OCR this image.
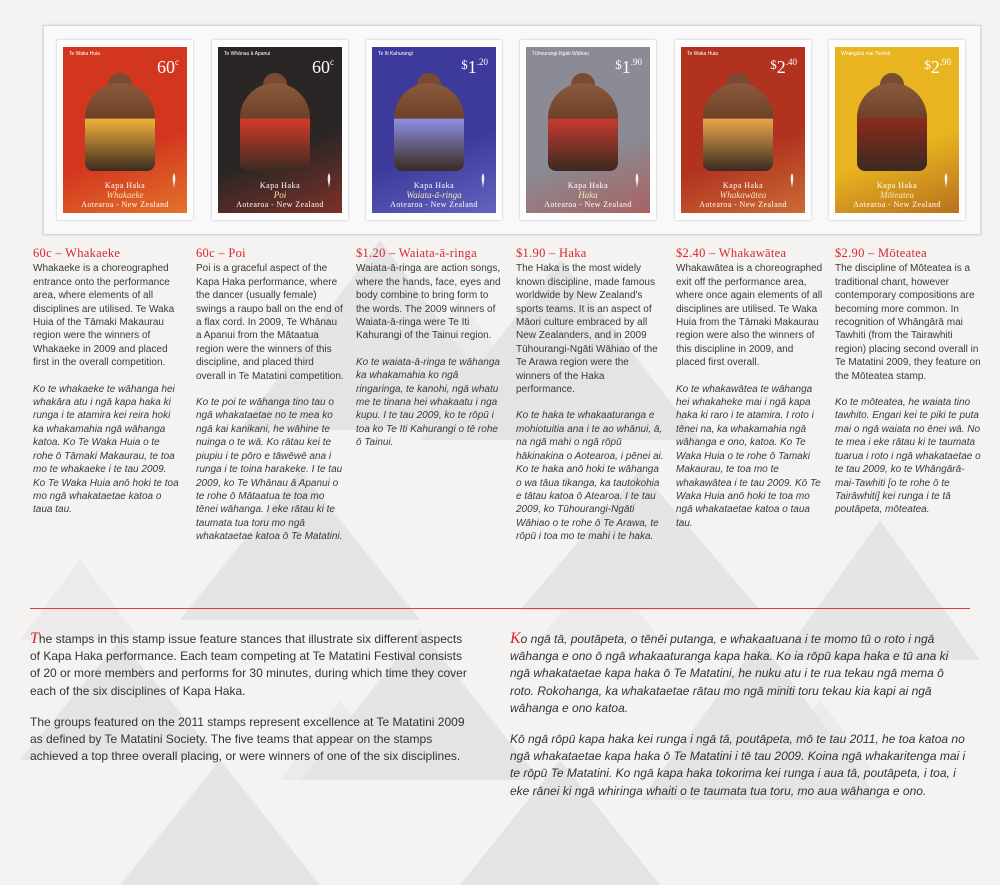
Te Waka Huia
60$^c$
Kapa Haka
Whakaeke
Aotearoa - New Zealand
Te Whānau ā Apanui
60$^c$
Kapa Haka
Poi
Aotearoa - New Zealand
Te Iti Kahurangi
$^{\$}1^{.20}$
Kapa Haka
Waiata-ā-ringa
Aotearoa - New Zealand
Tūhourangi-Ngāti Wāhiao
$^{\$}1^{.90}$
Kapa Haka
Haka
Aotearoa - New Zealand
Te Waka Huia
$^{\$}2^{.40}$
Kapa Haka
Whakawātea
Aotearoa - New Zealand
Whāngārā mai Tawhiti
$^{\$}2^{.90}$
Kapa Haka
Mōteatea
Aotearoa - New Zealand
60c – Whakaeke

Whakaeke is a choreographed entrance onto the performance area, where elements of all disciplines are utilised. Te Waka Huia of the Tāmaki Makaurau region were the winners of Whakaeke in 2009 and placed first in the overall competition.

Ko te whakaeke te wāhanga hei whakāra atu i ngā kapa haka ki runga i te atamira kei reira hoki ka whakamahia ngā wāhanga katoa. Ko Te Waka Huia o te rohe ō Tāmaki Makaurau, te toa mo te whakaeke i te tau 2009. Ko Te Waka Huia anō hoki te toa mo ngā whakataetae katoa o taua tau.

60c – Poi

Poi is a graceful aspect of the Kapa Haka performance, where the dancer (usually female) swings a raupo ball on the end of a flax cord. In 2009, Te Whānau a Apanui from the Mātaatua region were the winners of this discipline, and placed third overall in Te Matatini competition.

Ko te poi te wāhanga tino tau o ngā whakataetae no te mea ko ngā kai kanikani, he wāhine te nuinga o te wā. Ko rātau kei te piupiu i te pōro e tāwēwē ana i runga i te toina harakeke. I te tau 2009, ko Te Whānau ā Apanui o te rohe ō Mātaatua te toa mo tēnei wāhanga. I eke rātau ki te taumata tua toru mo ngā whakataetae katoa ō Te Matatini.

$1.20 – Waiata-ā-ringa

Waiata-ā-ringa are action songs, where the hands, face, eyes and body combine to bring form to the words. The 2009 winners of Waiata-ā-ringa were Te Iti Kahurangi of the Tainui region.

Ko te waiata-ā-ringa te wāhanga ka whakamahia ko ngā ringaringa, te kanohi, ngā whatu me te tinana hei whakaatu i nga kupu. I te tau 2009, ko te rōpū i toa ko Te Iti Kahurangi o tē rohe ō Tainui.

$1.90 – Haka

The Haka is the most widely known discipline, made famous worldwide by New Zealand's sports teams. It is an aspect of Māori culture embraced by all New Zealanders, and in 2009 Tūhourangi-Ngāti Wāhiao of the Te Arawa region were the winners of the Haka performance.

Ko te haka te whakaaturanga e mohiotuitia ana i te ao whānui, ā, na ngā mahi o ngā rōpū hākinakina o Aotearoa, i pēnei ai. Ko te haka anō hoki te wāhanga o wa tāua tikanga, ka tautokohia e tātau katoa ō Atearoa. I te tau 2009, ko Tūhourangi-Ngāti Wāhiao o te rohe ō Te Arawa, te rōpū i toa mo te mahi i te haka.

$2.40 – Whakawātea

Whakawātea is a choreographed exit off the performance area, where once again elements of all disciplines are utilised. Te Waka Huia from the Tāmaki Makaurau region were also the winners of this discipline in 2009, and placed first overall.

Ko te whakawātea te wāhanga hei whakaheke mai i ngā kapa haka ki raro i te atamira. I roto i tēnei na, ka whakamahia ngā wāhanga e ono, katoa. Ko Te Waka Huia o te rohe ō Tamaki Makaurau, te toa mo te whakawātea i te tau 2009. Kō Te Waka Huia anō hoki te toa mo ngā whakataetae katoa o taua tau.

$2.90 – Mōteatea

The discipline of Mōteatea is a traditional chant, however contemporary compositions are becoming more common. In recognition of Whāngārā mai Tawhiti (from the Tairawhiti region) placing second overall in Te Matatini 2009, they feature on the Mōteatea stamp.

Ko te mōteatea, he waiata tino tawhito. Engari kei te piki te puta mai o ngā waiata no ēnei wā. No te mea i eke rātau ki te taumata tuarua i roto i ngā whakataetae o te tau 2009, ko te Whāngārā-mai-Tawhiti [o te rohe ō te Tairāwhiti] kei runga i te tā poutāpeta, mōteatea.

The stamps in this stamp issue feature stances that illustrate six different aspects of Kapa Haka performance. Each team competing at Te Matatini Festival consists of 20 or more members and performs for 30 minutes, during which time they cover each of the six disciplines of Kapa Haka.

The groups featured on the 2011 stamps represent excellence at Te Matatini 2009 as defined by Te Matatini Society. The five teams that appear on the stamps achieved a top three overall placing, or were winners of one of the six disciplines.

Ko ngā tā, poutāpeta, o tēnēi putanga, e whakaatuana i te momo tū o roto i ngā wāhanga e ono ō ngā whakaaturanga kapa haka. Ko ia rōpū kapa haka e tū ana ki ngā whakataetae kapa haka ō Te Matatini, he nuku atu i te rua tekau ngā mema ō roto. Rokohanga, ka whakataetae rātau mo ngā miniti toru tekau kia kapi ai ngā wāhanga e ono katoa.

Kō ngā rōpū kapa haka kei runga i ngā tā, poutāpeta, mō te tau 2011, he toa katoa no ngā whakataetae kapa haka ō Te Matatini i tē tau 2009. Koina ngā whakaritenga mai i te rōpū Te Matatini. Ko ngā kapa haka tokorima kei runga i aua tā, poutāpeta, i toa, i eke rānei ki ngā whiringa whaiti o te taumata tua toru, mo aua wāhanga e ono.
